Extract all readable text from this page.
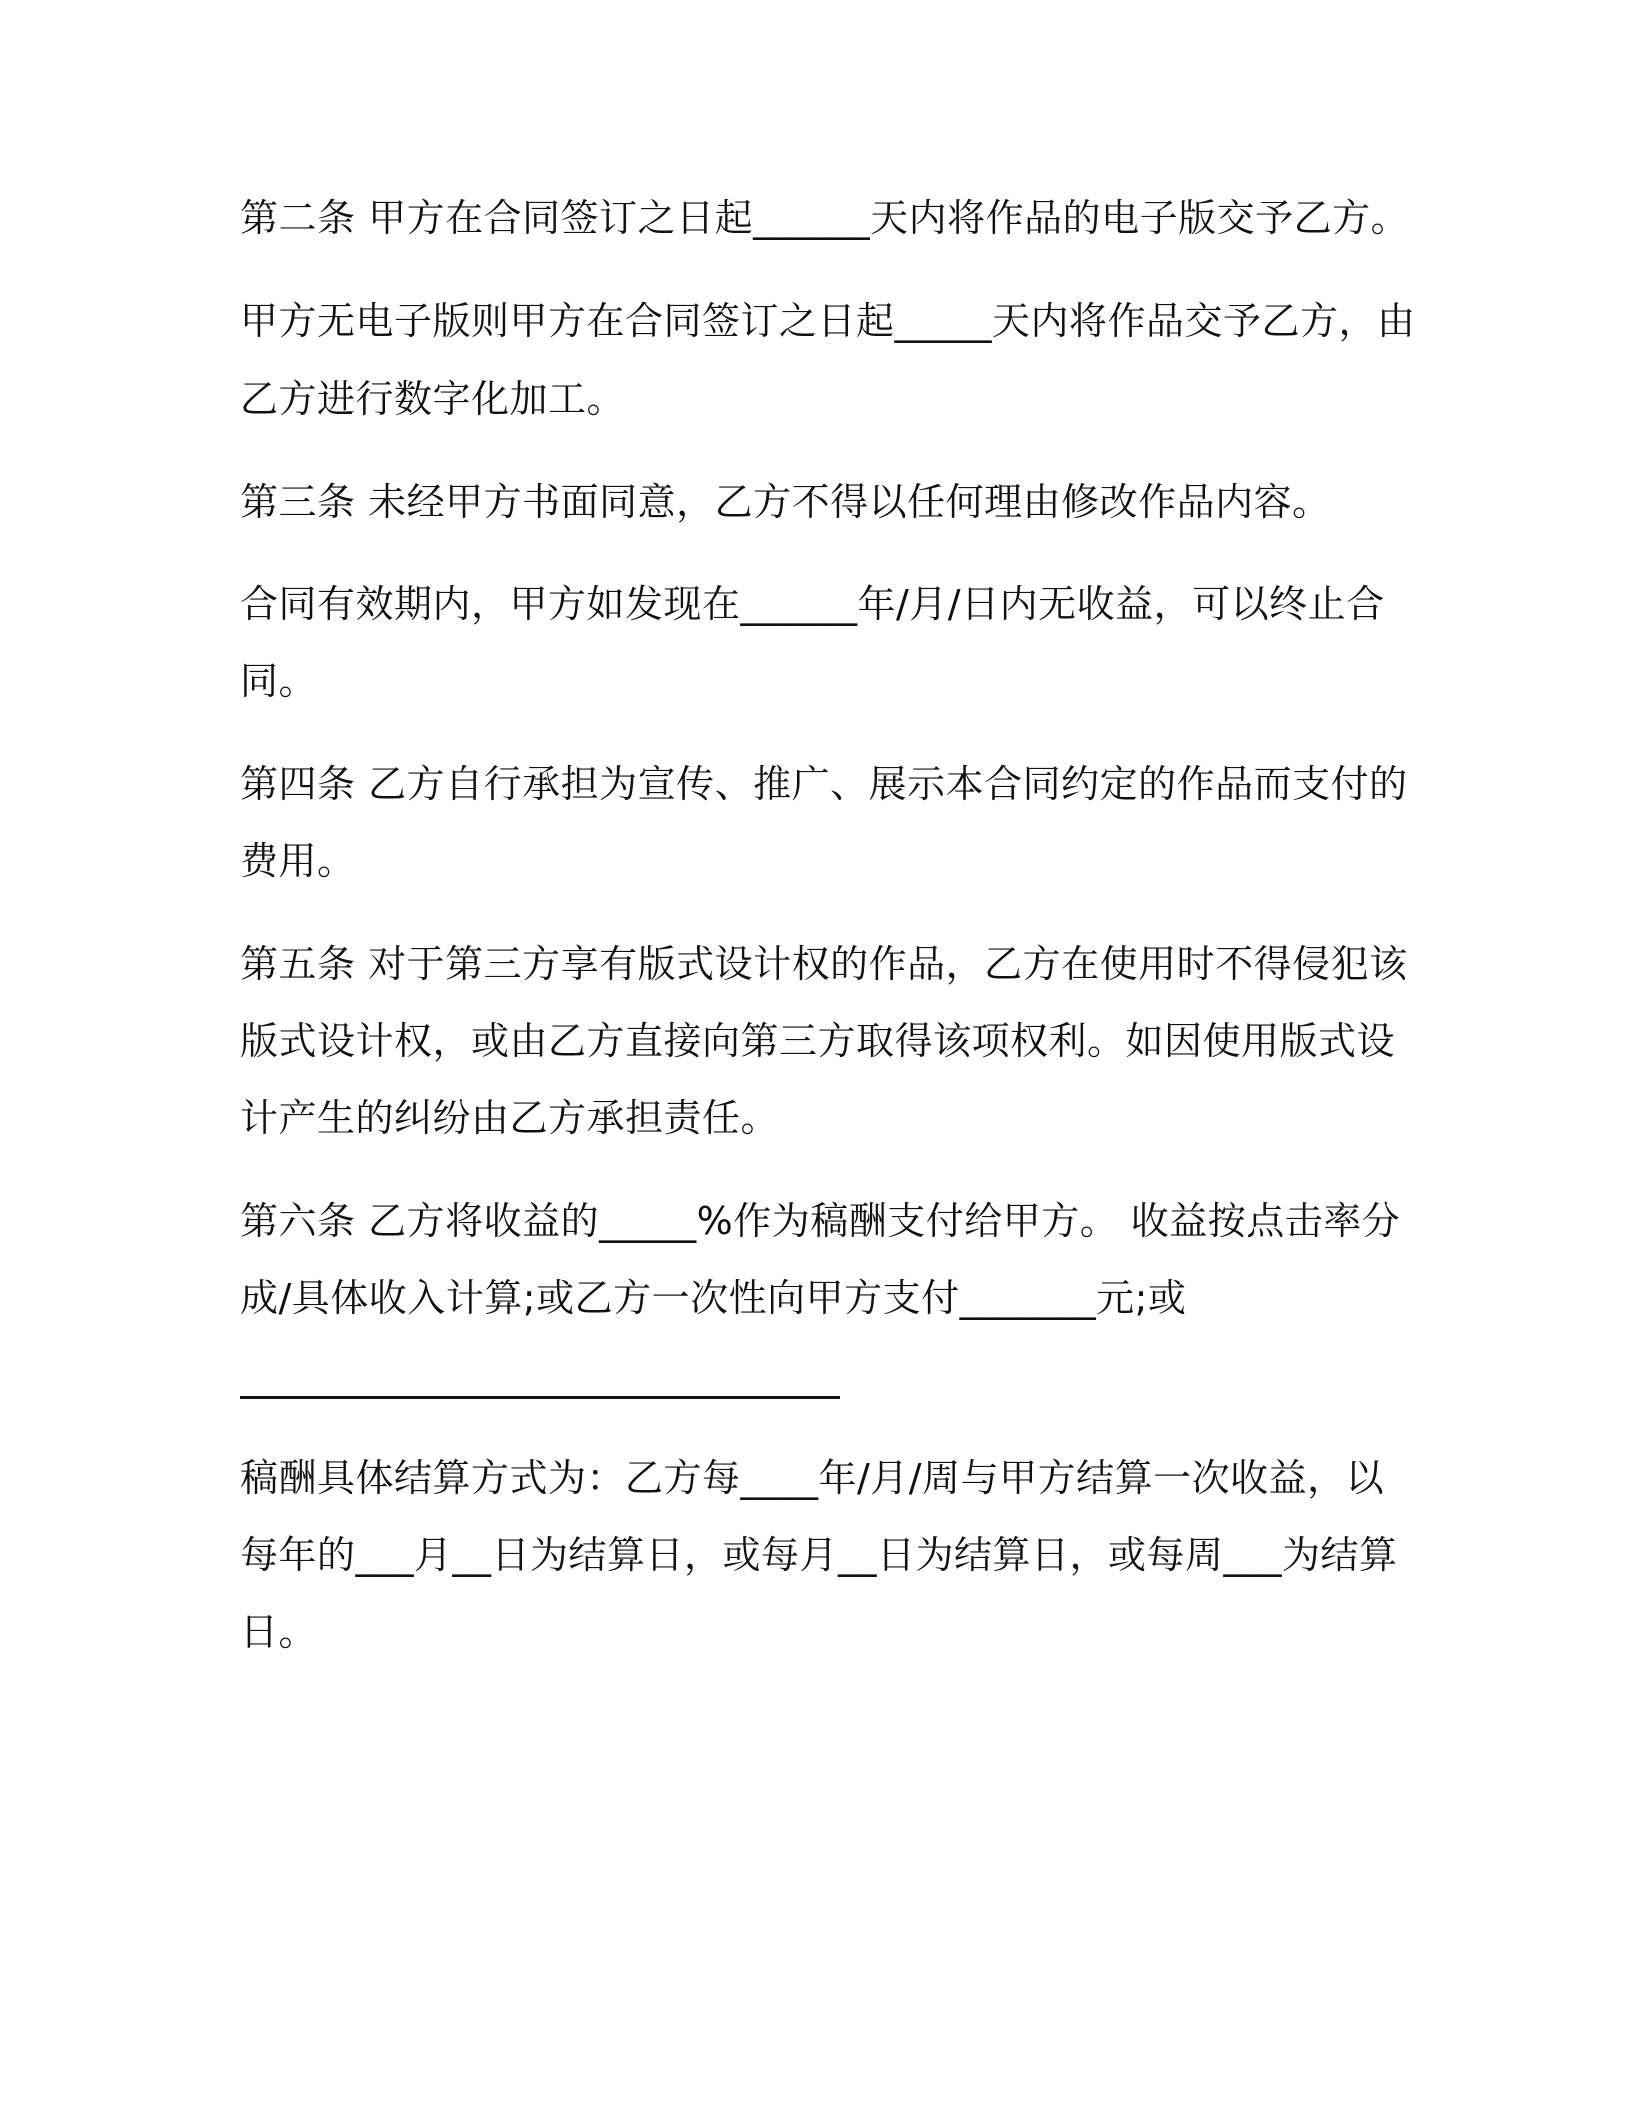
第二条 甲方在合同签订之日起______天内将作品的电子版交予乙方。

甲方无电子版则甲方在合同签订之日起_____天内将作品交予乙方，由

乙方进行数字化加工。

第三条 未经甲方书面同意，乙方不得以任何理由修改作品内容。

合同有效期内，甲方如发现在______年/月/日内无收益，可以终止合

同。

第四条 乙方自行承担为宣传、推广、展示本合同约定的作品而支付的

费用。

第五条 对于第三方享有版式设计权的作品，乙方在使用时不得侵犯该

版式设计权，或由乙方直接向第三方取得该项权利。如因使用版式设

计产生的纠纷由乙方承担责任。

第六条 乙方将收益的_____%作为稿酬支付给甲方。 收益按点击率分

成/具体收入计算;或乙方一次性向甲方支付_______元;或

稿酬具体结算方式为：乙方每____年/月/周与甲方结算一次收益，以

每年的___月__日为结算日，或每月__日为结算日，或每周___为结算

日。
